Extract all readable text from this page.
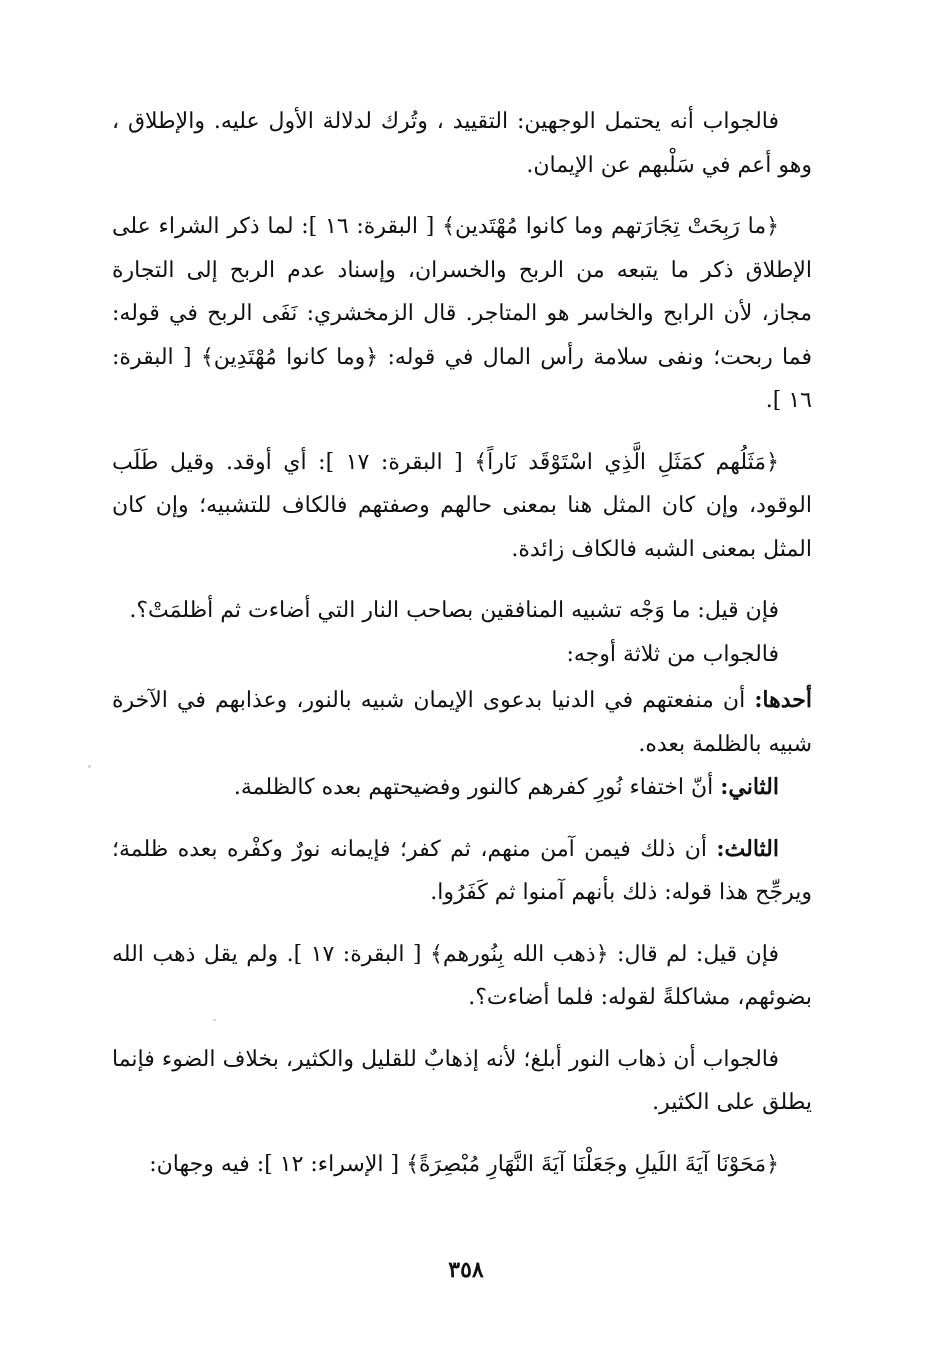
فالجواب أنه يحتمل الوجهين: التقييد ، وتُرك لدلالة الأول عليه. والإطلاق ، وهو أعم في سَلْبهم عن الإيمان.

﴿ما رَبِحَتْ تِجَارَتهم وما كانوا مُهْتَدين﴾ [ البقرة: ١٦ ]: لما ذكر الشراء على الإطلاق ذكر ما يتبعه من الربح والخسران، وإسناد عدم الربح إلى التجارة مجاز، لأن الرابح والخاسر هو المتاجر. قال الزمخشري: نَفَى الربح في قوله: فما ربحت؛ ونفى سلامة رأس المال في قوله: ﴿وما كانوا مُهْتَدِين﴾ [ البقرة: ١٦ ].

﴿مَثَلُهم كمَثَلِ الَّذِي اسْتَوْقَد نَاراً﴾ [ البقرة: ١٧ ]: أي أوقد. وقيل طَلَب الوقود، وإن كان المثل هنا بمعنى حالهم وصفتهم فالكاف للتشبيه؛ وإن كان المثل بمعنى الشبه فالكاف زائدة.

فإن قيل: ما وَجْه تشبيه المنافقين بصاحب النار التي أضاءت ثم أظلمَتْ؟.

فالجواب من ثلاثة أوجه:

أحدها: أن منفعتهم في الدنيا بدعوى الإيمان شبيه بالنور، وعذابهم في الآخرة شبيه بالظلمة بعده.

الثاني: أنّ اختفاء نُورِ كفرهم كالنور وفضيحتهم بعده كالظلمة.

الثالث: أن ذلك فيمن آمن منهم، ثم كفر؛ فإيمانه نورٌ وكفْره بعده ظلمة؛ ويرجِّح هذا قوله: ذلك بأنهم آمنوا ثم كَفَرُوا.

فإن قيل: لم قال: ﴿ذهب الله بِنُورهم﴾ [ البقرة: ١٧ ]. ولم يقل ذهب الله بضوئهم، مشاكلةً لقوله: فلما أضاءت؟.

فالجواب أن ذهاب النور أبلغ؛ لأنه إذهابٌ للقليل والكثير، بخلاف الضوء فإنما يطلق على الكثير.

﴿مَحَوْنَا آيَةَ اللَيلِ وجَعَلْنَا آيَةَ النَّهَارِ مُبْصِرَةً﴾ [ الإسراء: ١٢ ]: فيه وجهان:

٣٥٨
